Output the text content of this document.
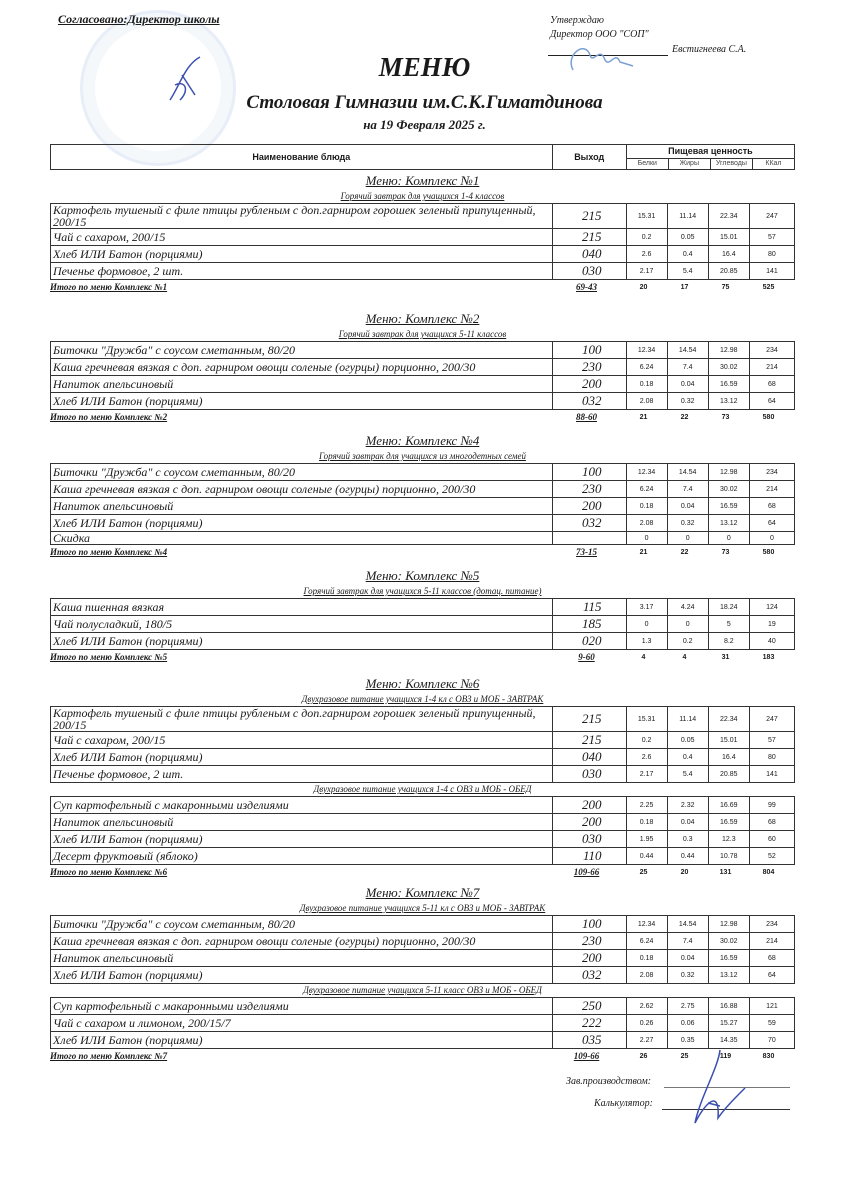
Согласовано:Директор школы	Утверждаю
Директор ООО "СОП"
Евстигнеева С.А.
МЕНЮ
Столовая Гимназии им.С.К.Гиматдинова
на 19 Февраля 2025 г.
Наименование блюда	Выход	Пищевая ценность			
		Белки	Жиры	Углеводы	ККал
Меню: Комплекс №1
Горячий завтрак для учащихся 1-4 классов
Картофель тушеный с филе птицы рубленым с доп.гарниром горошек зеленый припущенный, 200/15	215	15.31	11.14	22.34	247
Чай с сахаром, 200/15	215	0.2	0.05	15.01	57
Хлеб ИЛИ Батон (порциями)	040	2.6	0.4	16.4	80
Печенье формовое, 2 шт.	030	2.17	5.4	20.85	141
Итого по меню Комплекс №1	69-43	20	17	75	525
Меню: Комплекс №2
Горячий завтрак для учащихся 5-11 классов
Биточки "Дружба" с соусом сметанным, 80/20	100	12.34	14.54	12.98	234
Каша гречневая вязкая с доп. гарниром овощи соленые (огурцы) порционно, 200/30	230	6.24	7.4	30.02	214
Напиток апельсиновый	200	0.18	0.04	16.59	68
Хлеб ИЛИ Батон (порциями)	032	2.08	0.32	13.12	64
Итого по меню Комплекс №2	88-60	21	22	73	580
Меню: Комплекс №4
Горячий завтрак для учащихся из многодетных семей
Биточки "Дружба" с соусом сметанным, 80/20	100	12.34	14.54	12.98	234
Каша гречневая вязкая с доп. гарниром овощи соленые (огурцы) порционно, 200/30	230	6.24	7.4	30.02	214
Напиток апельсиновый	200	0.18	0.04	16.59	68
Хлеб ИЛИ Батон (порциями)	032	2.08	0.32	13.12	64
Скидка		0	0	0	0
Итого по меню Комплекс №4	73-15	21	22	73	580
Меню: Комплекс №5
Горячий завтрак для учащихся 5-11 классов (дотац. питание)
Каша пшенная вязкая	115	3.17	4.24	18.24	124
Чай полусладкий, 180/5	185	0	0	5	19
Хлеб ИЛИ Батон (порциями)	020	1.3	0.2	8.2	40
Итого по меню Комплекс №5	9-60	4	4	31	183
Меню: Комплекс №6
Двухразовое питание учащихся 1-4 кл с ОВЗ и МОБ - ЗАВТРАК
Картофель тушеный с филе птицы рубленым с доп.гарниром горошек зеленый припущенный, 200/15	215	15.31	11.14	22.34	247
Чай с сахаром, 200/15	215	0.2	0.05	15.01	57
Хлеб ИЛИ Батон (порциями)	040	2.6	0.4	16.4	80
Печенье формовое, 2 шт.	030	2.17	5.4	20.85	141
Двухразовое питание учащихся 1-4 с ОВЗ и МОБ - ОБЕД
Суп картофельный с макаронными изделиями	200	2.25	2.32	16.69	99
Напиток апельсиновый	200	0.18	0.04	16.59	68
Хлеб ИЛИ Батон (порциями)	030	1.95	0.3	12.3	60
Десерт фруктовый (яблоко)	110	0.44	0.44	10.78	52
Итого по меню Комплекс №6	109-66	25	20	131	804
Меню: Комплекс №7
Двухразовое питание учащихся 5-11 кл с ОВЗ и МОБ - ЗАВТРАК
Биточки "Дружба" с соусом сметанным, 80/20	100	12.34	14.54	12.98	234
Каша гречневая вязкая с доп. гарниром овощи соленые (огурцы) порционно, 200/30	230	6.24	7.4	30.02	214
Напиток апельсиновый	200	0.18	0.04	16.59	68
Хлеб ИЛИ Батон (порциями)	032	2.08	0.32	13.12	64
Двухразовое питание учащихся 5-11 класс ОВЗ и МОБ - ОБЕД
Суп картофельный с макаронными изделиями	250	2.62	2.75	16.88	121
Чай с сахаром и лимоном, 200/15/7	222	0.26	0.06	15.27	59
Хлеб ИЛИ Батон (порциями)	035	2.27	0.35	14.35	70
Итого по меню Комплекс №7	109-66	26	25	119	830
Зав.производством:
Калькулятор:
